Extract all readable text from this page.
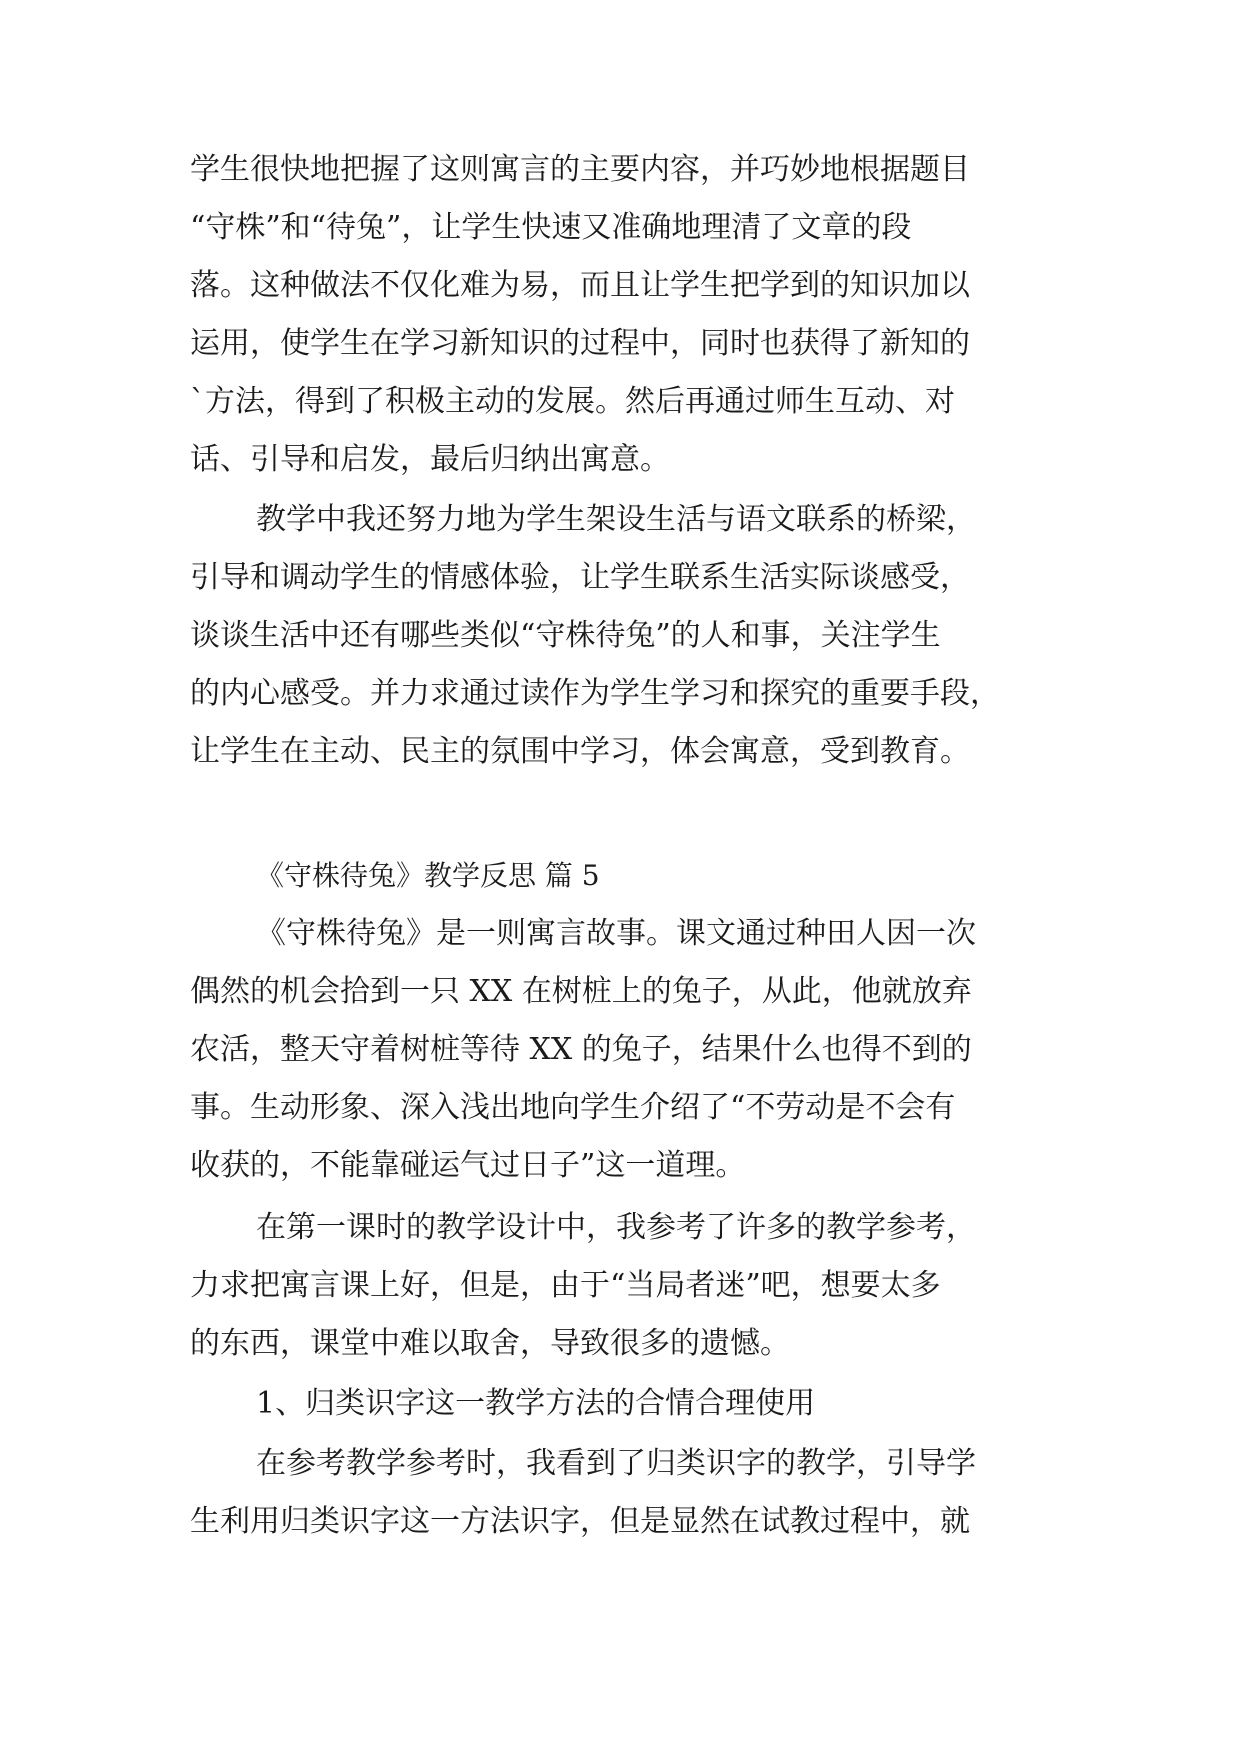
学生很快地把握了这则寓言的主要内容，并巧妙地根据题目
“守株”和“待兔”，让学生快速又准确地理清了文章的段
落。这种做法不仅化难为易，而且让学生把学到的知识加以
运用，使学生在学习新知识的过程中，同时也获得了新知的
`方法，得到了积极主动的发展。然后再通过师生互动、对
话、引导和启发，最后归纳出寓意。
教学中我还努力地为学生架设生活与语文联系的桥梁，
引导和调动学生的情感体验，让学生联系生活实际谈感受，
谈谈生活中还有哪些类似“守株待兔”的人和事，关注学生
的内心感受。并力求通过读作为学生学习和探究的重要手段，
让学生在主动、民主的氛围中学习，体会寓意，受到教育。
《守株待兔》教学反思 篇 5
《守株待兔》是一则寓言故事。课文通过种田人因一次
偶然的机会拾到一只 XX 在树桩上的兔子，从此，他就放弃
农活，整天守着树桩等待 XX 的兔子，结果什么也得不到的
事。生动形象、深入浅出地向学生介绍了“不劳动是不会有
收获的，不能靠碰运气过日子”这一道理。
在第一课时的教学设计中，我参考了许多的教学参考，
力求把寓言课上好，但是，由于“当局者迷”吧，想要太多
的东西，课堂中难以取舍，导致很多的遗憾。
1、归类识字这一教学方法的合情合理使用
在参考教学参考时，我看到了归类识字的教学，引导学
生利用归类识字这一方法识字，但是显然在试教过程中，就
